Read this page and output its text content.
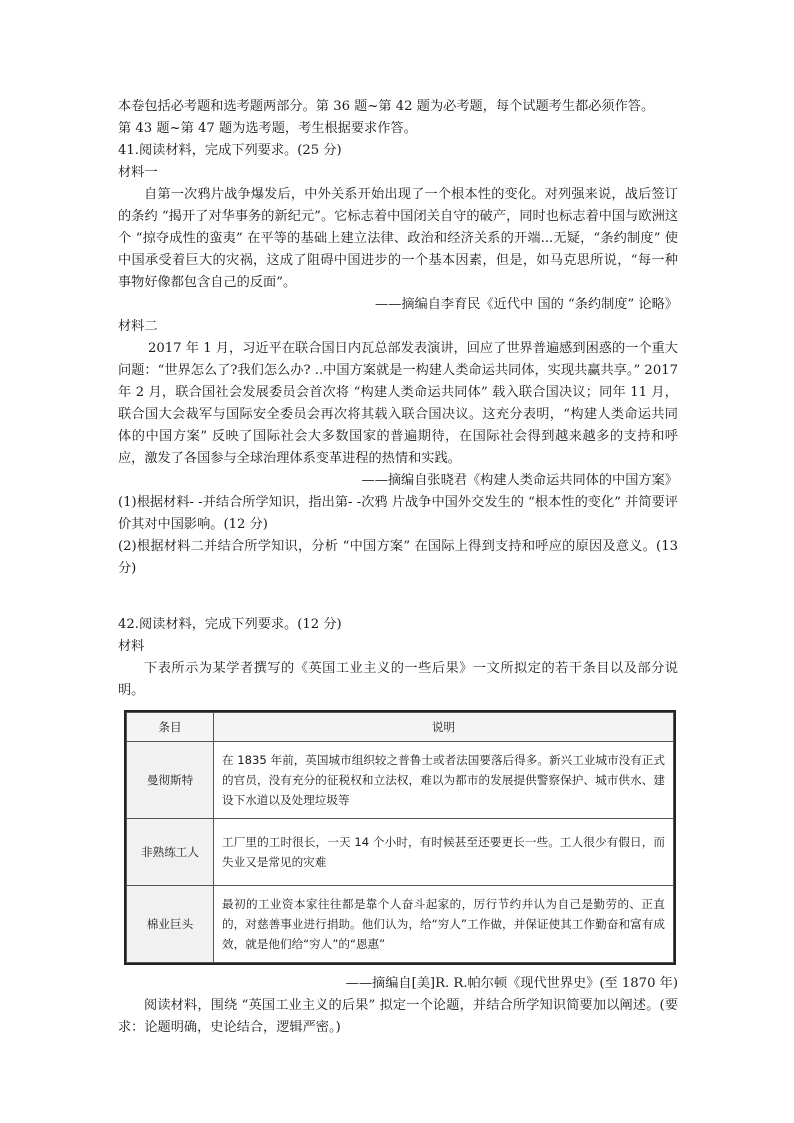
本卷包括必考题和选考题两部分。第 36 题~第 42 题为必考题，每个试题考生都必须作答。
第 43 题~第 47 题为选考题，考生根据要求作答。
41.阅读材料，完成下列要求。(25 分)
材料一
自第一次鸦片战争爆发后，中外关系开始出现了一个根本性的变化。对列强来说，战后签订的条约 “揭开了对华事务的新纪元”。它标志着中国闭关自守的破产，同时也标志着中国与欧洲这个 “掠夺成性的蛮夷” 在平等的基础上建立法律、政治和经济关系的开端...无疑，“条约制度” 使中国承受着巨大的灾祸，这成了阻碍中国进步的一个基本因素，但是，如马克思所说，“每一种事物好像都包含自己的反面”。
——摘编自李育民《近代中 国的 “条约制度” 论略》
材料二
2017 年 1 月，习近平在联合国日内瓦总部发表演讲，回应了世界普遍感到困惑的一个重大问题：“世界怎么了?我们怎么办? ..中国方案就是一构建人类命运共同体，实现共赢共享。” 2017 年 2 月，联合国社会发展委员会首次将 “构建人类命运共同体” 载入联合国决议；同年 11 月，联合国大会裁军与国际安全委员会再次将其载入联合国决议。这充分表明，“构建人类命运共同体的中国方案” 反映了国际社会大多数国家的普遍期待，在国际社会得到越来越多的支持和呼应，激发了各国参与全球治理体系变革进程的热情和实践。
——摘编自张晓君《构建人类命运共同体的中国方案》
(1)根据材料- -并结合所学知识，指出第- -次鸦 片战争中国外交发生的 “根本性的变化” 并简要评价其对中国影响。(12 分)
(2)根据材料二并结合所学知识，分析 “中国方案” 在国际上得到支持和呼应的原因及意义。(13 分)
42.阅读材料，完成下列要求。(12 分)
材料
下表所示为某学者撰写的《英国工业主义的一些后果》一文所拟定的若干条目以及部分说明。
条目	说明
曼彻斯特	在 1835 年前，英国城市组织较之普鲁士或者法国要落后得多。新兴工业城市没有正式的官员，没有充分的征税权和立法权，难以为都市的发展提供警察保护、城市供水、建设下水道以及处理垃圾等
非熟练工人	工厂里的工时很长，一天 14 个小时，有时候甚至还要更长一些。工人很少有假日，而失业又是常见的灾难
棉业巨头	最初的工业资本家往往都是靠个人奋斗起家的，厉行节约并认为自己是勤劳的、正直的，对慈善事业进行捐助。他们认为，给“穷人”工作做，并保证使其工作勤奋和富有成效，就是他们给“穷人”的“恩惠”
——摘编自[美]R. R.帕尔顿《现代世界史》(至 1870 年)
阅读材料，围绕 “英国工业主义的后果” 拟定一个论题，并结合所学知识简要加以阐述。(要求：论题明确，史论结合，逻辑严密。)
